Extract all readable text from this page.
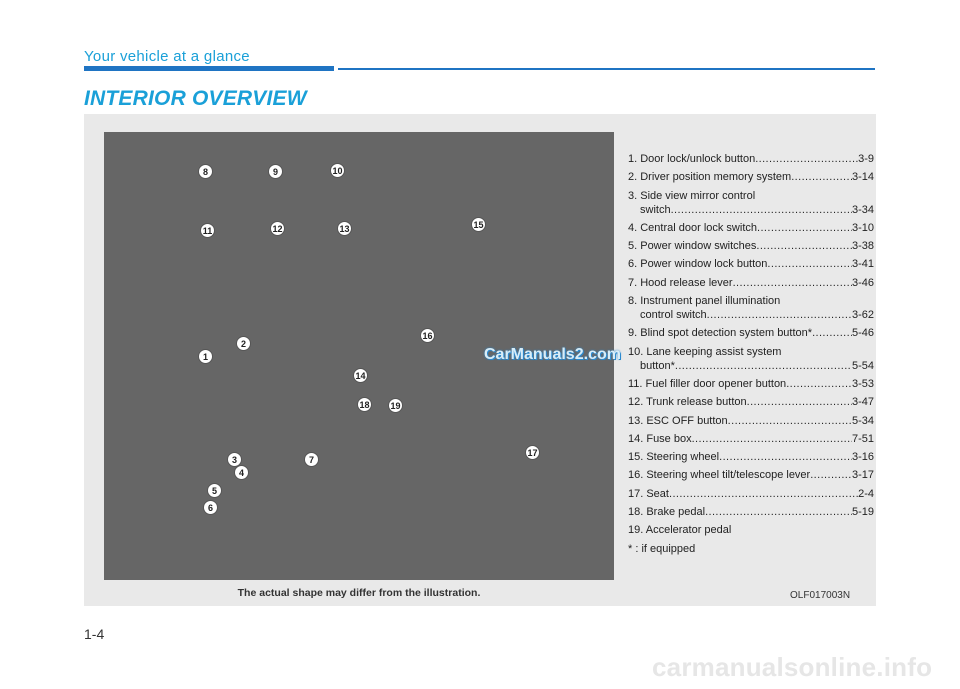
Your vehicle at a glance
INTERIOR OVERVIEW
8	9	10
11	12	13	15
16
2
1
14
18 19
3	7
17
4
5
6
1. Door lock/unlock button .....	3-9
2. Driver position memory system .....	3-14
3. Side view mirror control
switch .....	3-34
4. Central door lock switch .....	3-10
5. Power window switches .....	3-38
6. Power window lock button .....	3-41
7. Hood release lever .....	3-46
8. Instrument panel illumination
control switch .....	3-62
9. Blind spot detection system button* .....	5-46
10. Lane keeping assist system
button* .....	5-54
11. Fuel filler door opener button .....	3-53
12. Trunk release button .....	3-47
13. ESC OFF button .....	5-34
14. Fuse box .....	7-51
15. Steering wheel .....	3-16
16. Steering wheel tilt/telescope lever .....	3-17
17. Seat .....	2-4
18. Brake pedal .....	5-19
19. Accelerator pedal
* : if equipped
The actual shape may differ from the illustration.	OLF017003N
CarManuals2.com
1-4
carmanualsonline.info
